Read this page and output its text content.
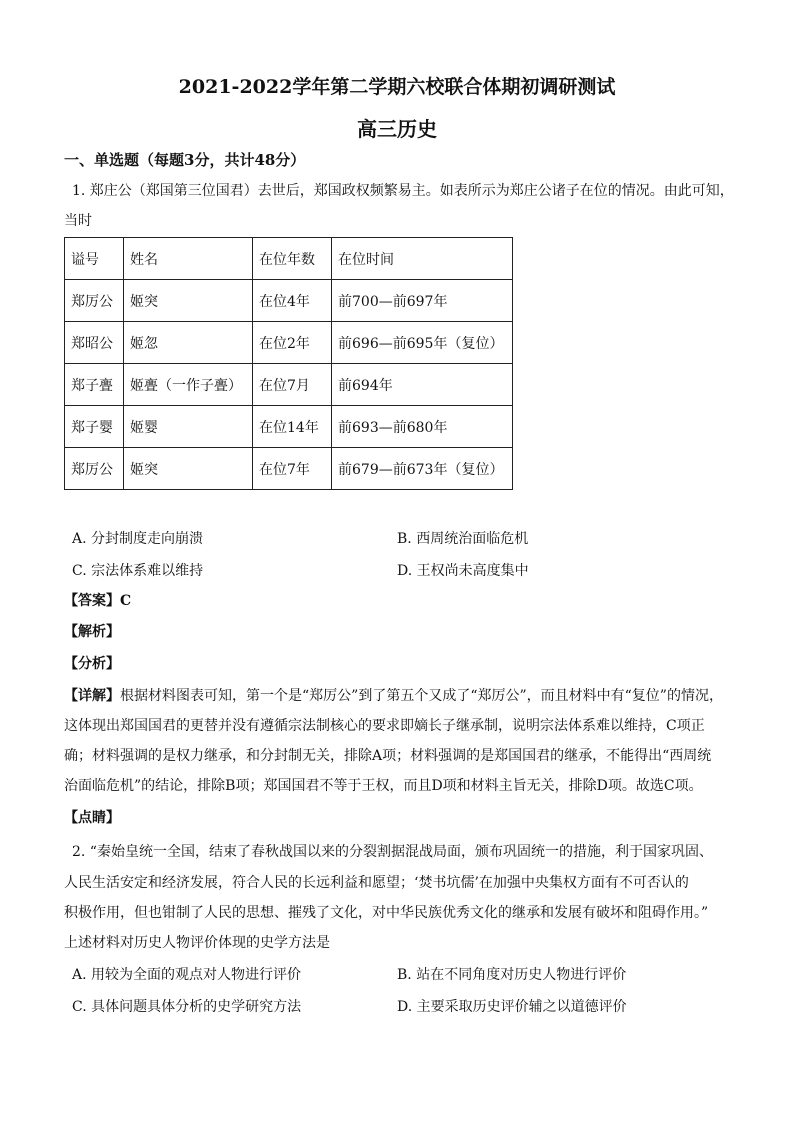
2021-2022学年第二学期六校联合体期初调研测试
高三历史
一、单选题（每题3分，共计48分）
1. 郑庄公（郑国第三位国君）去世后，郑国政权频繁易主。如表所示为郑庄公诸子在位的情况。由此可知，
当时
谥号	姓名	在位年数	在位时间
郑厉公	姬突	在位4年	前700—前697年
郑昭公	姬忽	在位2年	前696—前695年（复位）
郑子亹	姬亹（一作子亹）	在位7月	前694年
郑子婴	姬婴	在位14年	前693—前680年
郑厉公	姬突	在位7年	前679—前673年（复位）
A. 分封制度走向崩溃	B. 西周统治面临危机
C. 宗法体系难以维持	D. 王权尚未高度集中
【答案】C
【解析】
【分析】
【详解】根据材料图表可知，第一个是“郑厉公”到了第五个又成了“郑厉公”，而且材料中有“复位”的情况，
这体现出郑国国君的更替并没有遵循宗法制核心的要求即嫡长子继承制，说明宗法体系难以维持，C项正
确；材料强调的是权力继承，和分封制无关，排除A项；材料强调的是郑国国君的继承，不能得出“西周统
治面临危机”的结论，排除B项；郑国国君不等于王权，而且D项和材料主旨无关，排除D项。故选C项。
【点睛】
2. “秦始皇统一全国，结束了春秋战国以来的分裂割据混战局面，颁布巩固统一的措施，利于国家巩固、
人民生活安定和经济发展，符合人民的长远利益和愿望；‘焚书坑儒’在加强中央集权方面有不可否认的
积极作用，但也钳制了人民的思想、摧残了文化，对中华民族优秀文化的继承和发展有破坏和阻碍作用。”
上述材料对历史人物评价体现的史学方法是
A. 用较为全面的观点对人物进行评价	B. 站在不同角度对历史人物进行评价
C. 具体问题具体分析的史学研究方法	D. 主要采取历史评价辅之以道德评价
